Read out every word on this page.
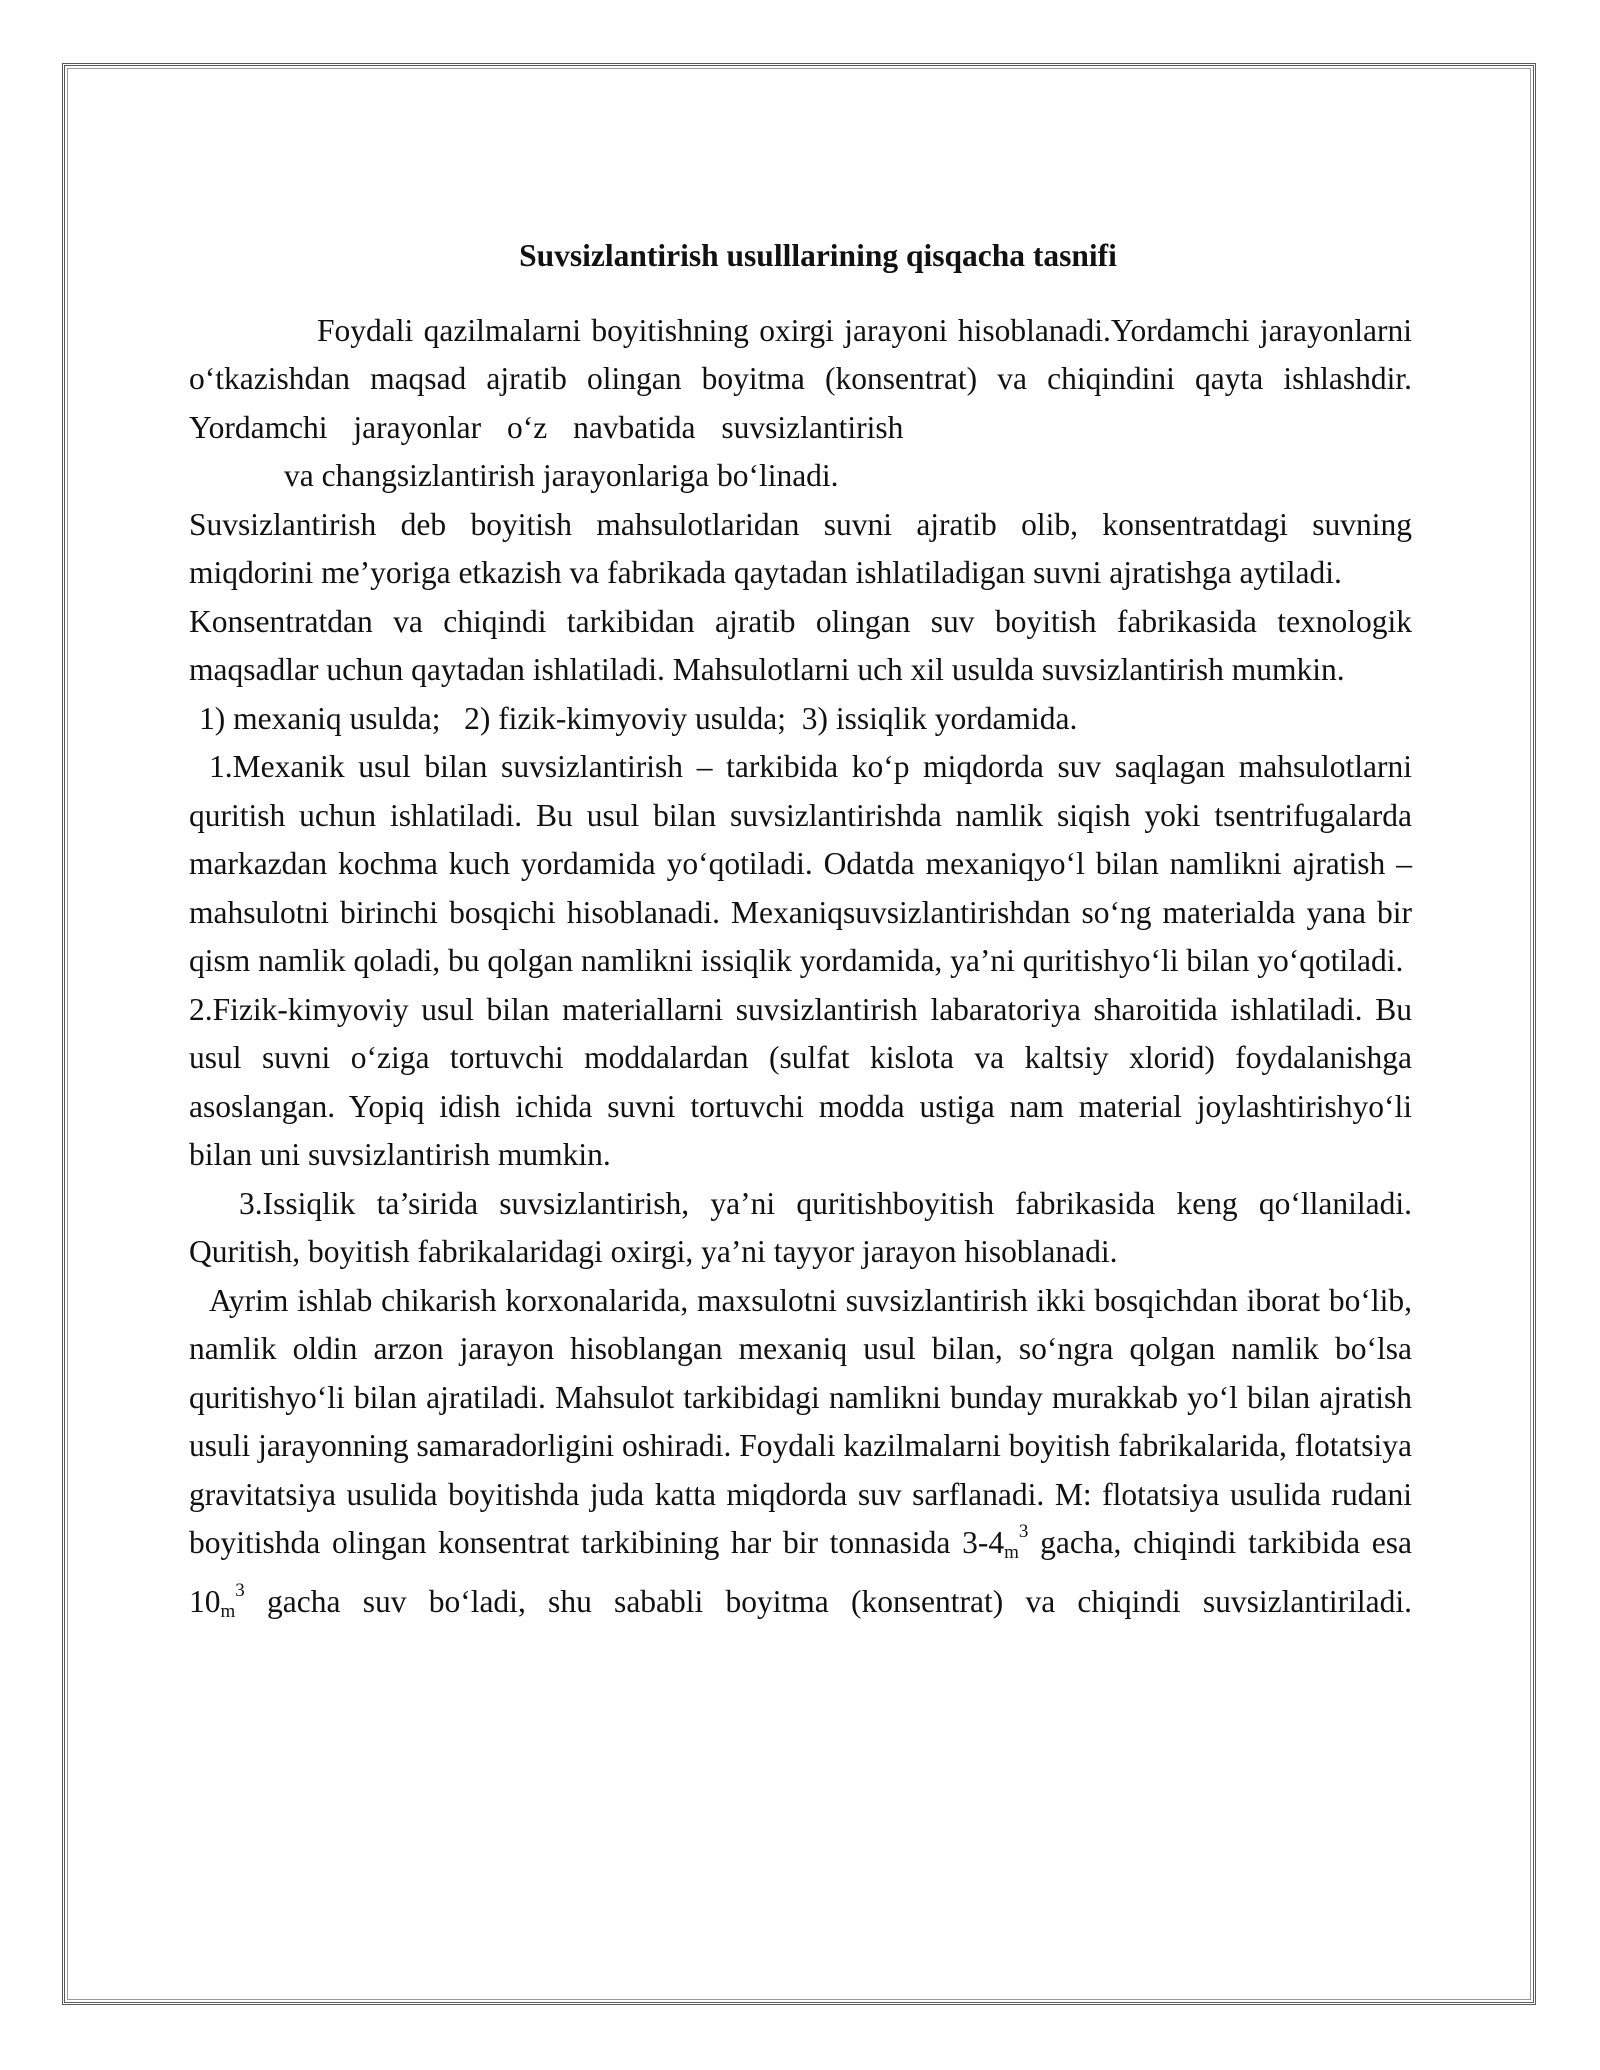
Suvsizlantirish usulllarining qisqacha tasnifi

Foydali qazilmalarni boyitishning oxirgi jarayoni hisoblanadi.Yordamchi jarayonlarni o‘tkazishdan maqsad ajratib olingan boyitma (konsentrat) va chiqindini qayta ishlashdir. Yordamchi jarayonlar o‘z navbatida suvsizlantirish

va changsizlantirish jarayonlariga bo‘linadi.

Suvsizlantirish deb boyitish mahsulotlaridan suvni ajratib olib, konsentratdagi suvning miqdorini me’yoriga etkazish va fabrikada qaytadan ishlatiladigan suvni ajratishga aytiladi.

Konsentratdan va chiqindi tarkibidan ajratib olingan suv boyitish fabrikasida texnologik maqsadlar uchun qaytadan ishlatiladi. Mahsulotlarni uch xil usulda suvsizlantirish mumkin.

1) mexaniq usulda;   2) fizik-kimyoviy usulda;  3) issiqlik yordamida.

1.Mexanik usul bilan suvsizlantirish – tarkibida ko‘p miqdorda suv saqlagan mahsulotlarni quritish uchun ishlatiladi. Bu usul bilan suvsizlantirishda namlik siqish yoki tsentrifugalarda markazdan kochma kuch yordamida yo‘qotiladi. Odatda mexaniqyo‘l bilan namlikni ajratish – mahsulotni birinchi bosqichi hisoblanadi. Mexaniqsuvsizlantirishdan so‘ng materialda yana bir qism namlik qoladi, bu qolgan namlikni issiqlik yordamida, ya’ni quritishyo‘li bilan yo‘qotiladi.

2.Fizik-kimyoviy usul bilan materiallarni suvsizlantirish labaratoriya sharoitida ishlatiladi. Bu usul suvni o‘ziga tortuvchi moddalardan (sulfat kislota va kaltsiy xlorid) foydalanishga asoslangan. Yopiq idish ichida suvni tortuvchi modda ustiga nam material joylashtirishyo‘li bilan uni suvsizlantirish mumkin.

3.Issiqlik ta’sirida suvsizlantirish, ya’ni quritishboyitish fabrikasida keng qo‘llaniladi. Quritish, boyitish fabrikalaridagi oxirgi, ya’ni tayyor jarayon hisoblanadi.

Ayrim ishlab chikarish korxonalarida, maxsulotni suvsizlantirish ikki bosqichdan iborat bo‘lib, namlik oldin arzon jarayon hisoblangan mexaniq usul bilan, so‘ngra qolgan namlik bo‘lsa quritishyo‘li bilan ajratiladi. Mahsulot tarkibidagi namlikni bunday murakkab yo‘l bilan ajratish usuli jarayonning samaradorligini oshiradi. Foydali kazilmalarni boyitish fabrikalarida, flotatsiya gravitatsiya usulida boyitishda juda katta miqdorda suv sarflanadi. M: flotatsiya usulida rudani boyitishda olingan konsentrat tarkibining har bir tonnasida $3-4m^3$ gacha, chiqindi tarkibida esa $10m^3$ gacha suv bo‘ladi, shu sababli boyitma (konsentrat) va chiqindi suvsizlantiriladi.
